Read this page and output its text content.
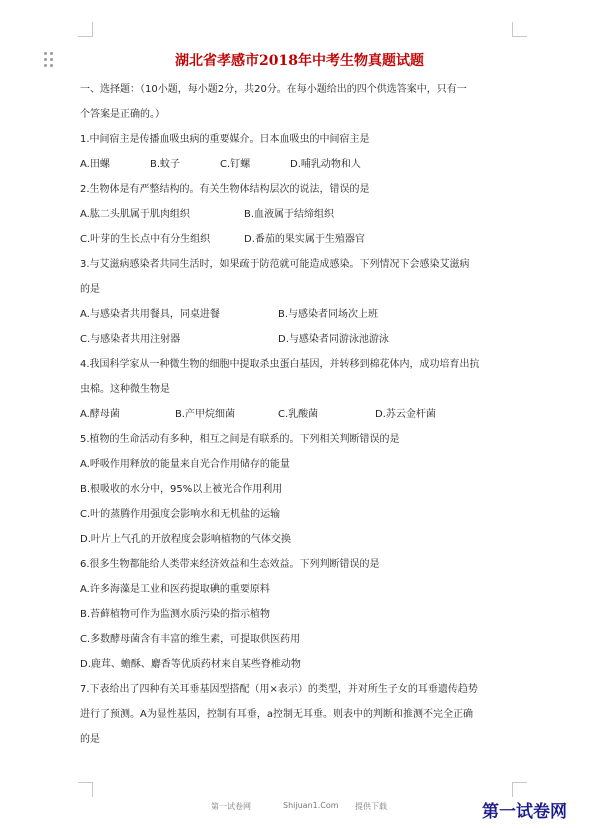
湖北省孝感市2018年中考生物真题试题
一、选择题：（10小题，每小题2分，共20分。在每小题给出的四个供选答案中，只有一
个答案是正确的。）
1.中间宿主是传播血吸虫病的重要媒介。日本血吸虫的中间宿主是
A.田螺	B.蚊子	C.钉螺	D.哺乳动物和人
2.生物体是有严整结构的。有关生物体结构层次的说法，错误的是
A.肱二头肌属于肌肉组织	B.血液属于结缔组织
C.叶芽的生长点中有分生组织	D.番茄的果实属于生殖器官
3.与艾滋病感染者共同生活时，如果疏于防范就可能造成感染。下列情况下会感染艾滋病
的是
A.与感染者共用餐具，同桌进餐	B.与感染者同场次上班
C.与感染者共用注射器	D.与感染者同游泳池游泳
4.我国科学家从一种微生物的细胞中提取杀虫蛋白基因，并转移到棉花体内，成功培育出抗
虫棉。这种微生物是
A.酵母菌	B.产甲烷细菌	C.乳酸菌	D.苏云金杆菌
5.植物的生命活动有多种，相互之间是有联系的。下列相关判断错误的是
A.呼吸作用释放的能量来自光合作用储存的能量
B.根吸收的水分中，95%以上被光合作用利用
C.叶的蒸腾作用强度会影响水和无机盐的运输
D.叶片上气孔的开放程度会影响植物的气体交换
6.很多生物都能给人类带来经济效益和生态效益。下列判断错误的是
A.许多海藻是工业和医药提取碘的重要原料
B.苔藓植物可作为监测水质污染的指示植物
C.多数酵母菌含有丰富的维生素，可提取供医药用
D.鹿茸、蟾酥、麝香等优质药材来自某些脊椎动物
7.下表给出了四种有关耳垂基因型搭配（用×表示）的类型，并对所生子女的耳垂遗传趋势
进行了预测。A为显性基因，控制有耳垂，a控制无耳垂。则表中的判断和推测不完全正确
的是
第一试卷网	Shijuan1.Com 提供下载	第一试卷网
